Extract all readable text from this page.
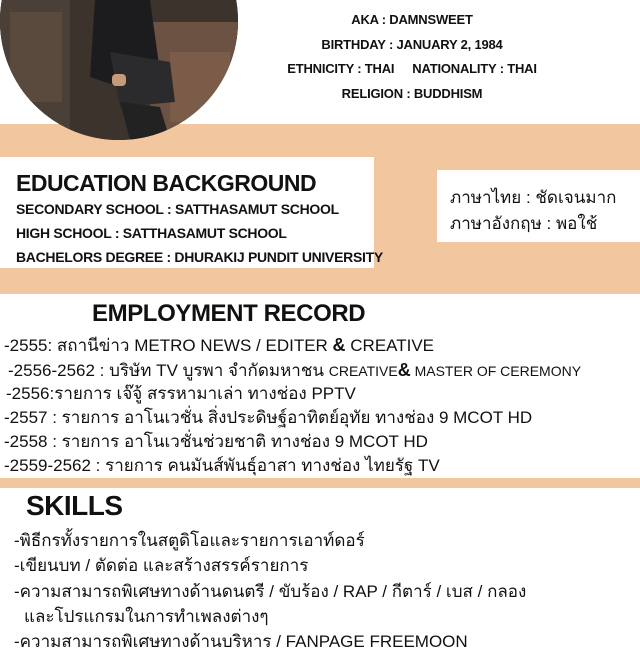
AKA : DAMNSWEET
BIRTHDAY : JANUARY 2, 1984
ETHNICITY : THAI NATIONALITY : THAI
RELIGION : BUDDHISM
EDUCATION BACKGROUND
SECONDARY SCHOOL : SATTHASAMUT SCHOOL
HIGH SCHOOL : SATTHASAMUT SCHOOL
BACHELORS DEGREE : DHURAKIJ PUNDIT UNIVERSITY
ภาษาไทย : ชัดเจนมาก
ภาษาอังกฤษ : พอใช้
EMPLOYMENT RECORD
-2555: สถานีข่าว METRO NEWS / EDITER & CREATIVE
-2556-2562 : บริษัท TV บูรพา จำกัดมหาชน CREATIVE& MASTER OF CEREMONY
-2556:รายการ เจ๊จู้ สรรหามาเล่า ทางช่อง PPTV
-2557 : รายการ อาโนเวชั่น สิ่งประดิษฐ์อาทิตย์อุทัย ทางช่อง 9 MCOT HD
-2558 : รายการ อาโนเวชั่นช่วยชาติ ทางช่อง 9 MCOT HD
-2559-2562 : รายการ คนมันส์พันธุ์อาสา ทางช่อง ไทยรัฐ TV
SKILLS
-พิธีกรทั้งรายการในสตูดิโอและรายการเอาท์ดอร์
-เขียนบท / ตัดต่อ และสร้างสรรค์รายการ
-ความสามารถพิเศษทางด้านดนตรี / ขับร้อง / RAP / กีตาร์ / เบส / กลอง
และโปรแกรมในการทำเพลงต่างๆ
-ความสามารถพิเศษทางด้านบริหาร / FANPAGE FREEMOON
